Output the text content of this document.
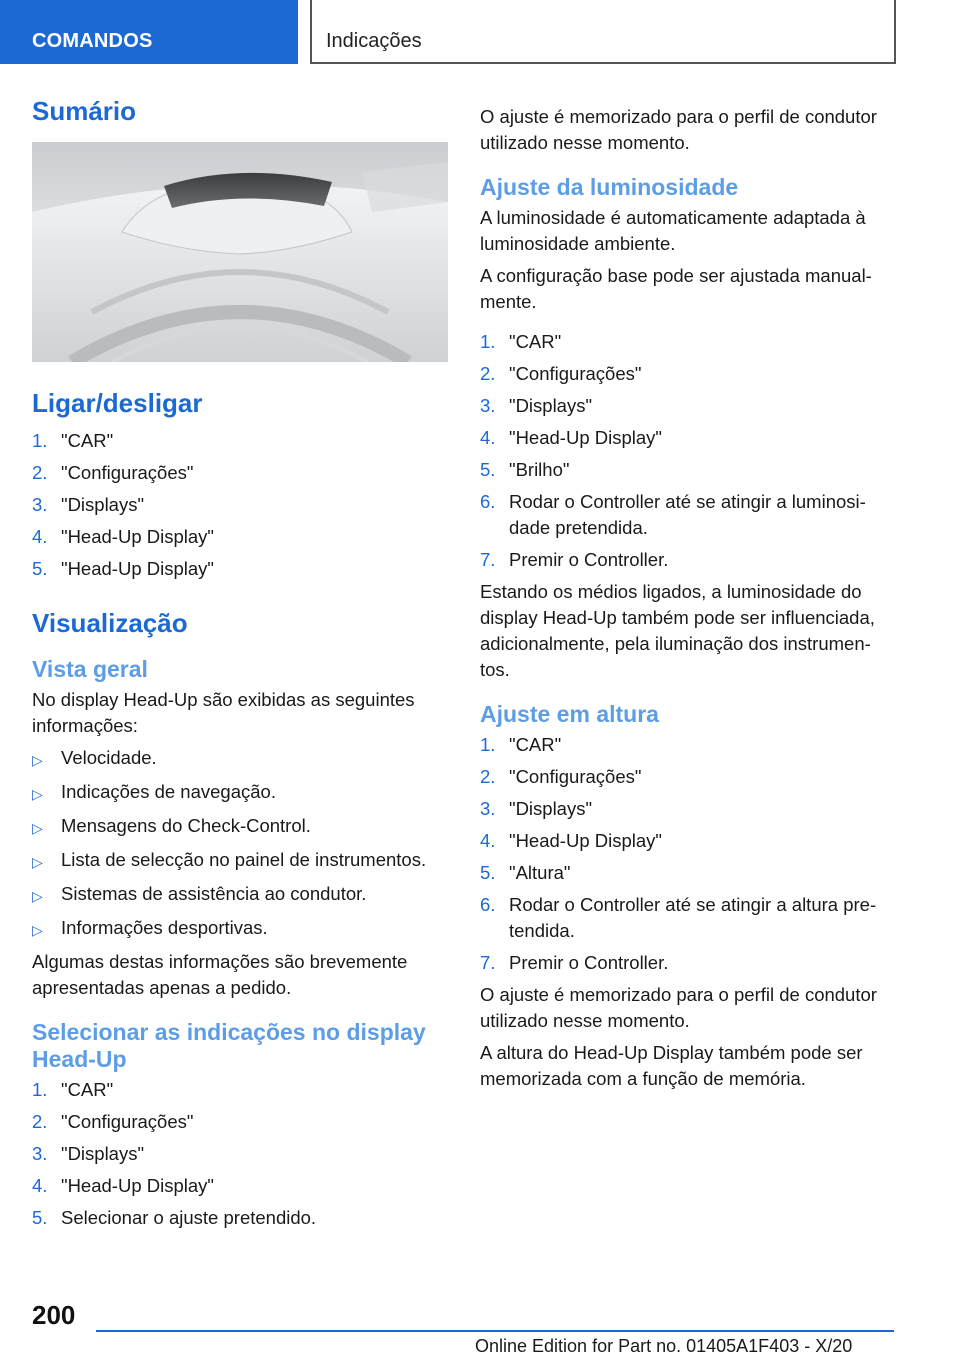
COMANDOS	Indicações
Sumário
Ligar/desligar
1. "CAR"
2. "Configurações"
3. "Displays"
4. "Head-Up Display"
5. "Head-Up Display"
Visualização
Vista geral

No display Head-Up são exibidas as seguintes informações:

▷ Velocidade.
▷ Indicações de navegação.
▷ Mensagens do Check-Control.
▷ Lista de selecção no painel de instrumentos.
▷ Sistemas de assistência ao condutor.
▷ Informações desportivas.

Algumas destas informações são brevemente apresentadas apenas a pedido.

Selecionar as indicações no display Head-Up
1. "CAR"
2. "Configurações"
3. "Displays"
4. "Head-Up Display"
5. Selecionar o ajuste pretendido.

O ajuste é memorizado para o perfil de condutor utilizado nesse momento.

Ajuste da luminosidade

A luminosidade é automaticamente adaptada à luminosidade ambiente.

A configuração base pode ser ajustada manual-mente.

1. "CAR"
2. "Configurações"
3. "Displays"
4. "Head-Up Display"
5. "Brilho"
6. Rodar o Controller até se atingir a luminosi-dade pretendida.
7. Premir o Controller.

Estando os médios ligados, a luminosidade do display Head-Up também pode ser influenciada, adicionalmente, pela iluminação dos instrumen-tos.

Ajuste em altura
1. "CAR"
2. "Configurações"
3. "Displays"
4. "Head-Up Display"
5. "Altura"
6. Rodar o Controller até se atingir a altura pre-tendida.
7. Premir o Controller.

O ajuste é memorizado para o perfil de condutor utilizado nesse momento.

A altura do Head-Up Display também pode ser memorizada com a função de memória.

200
Online Edition for Part no. 01405A1F403 - X/20
